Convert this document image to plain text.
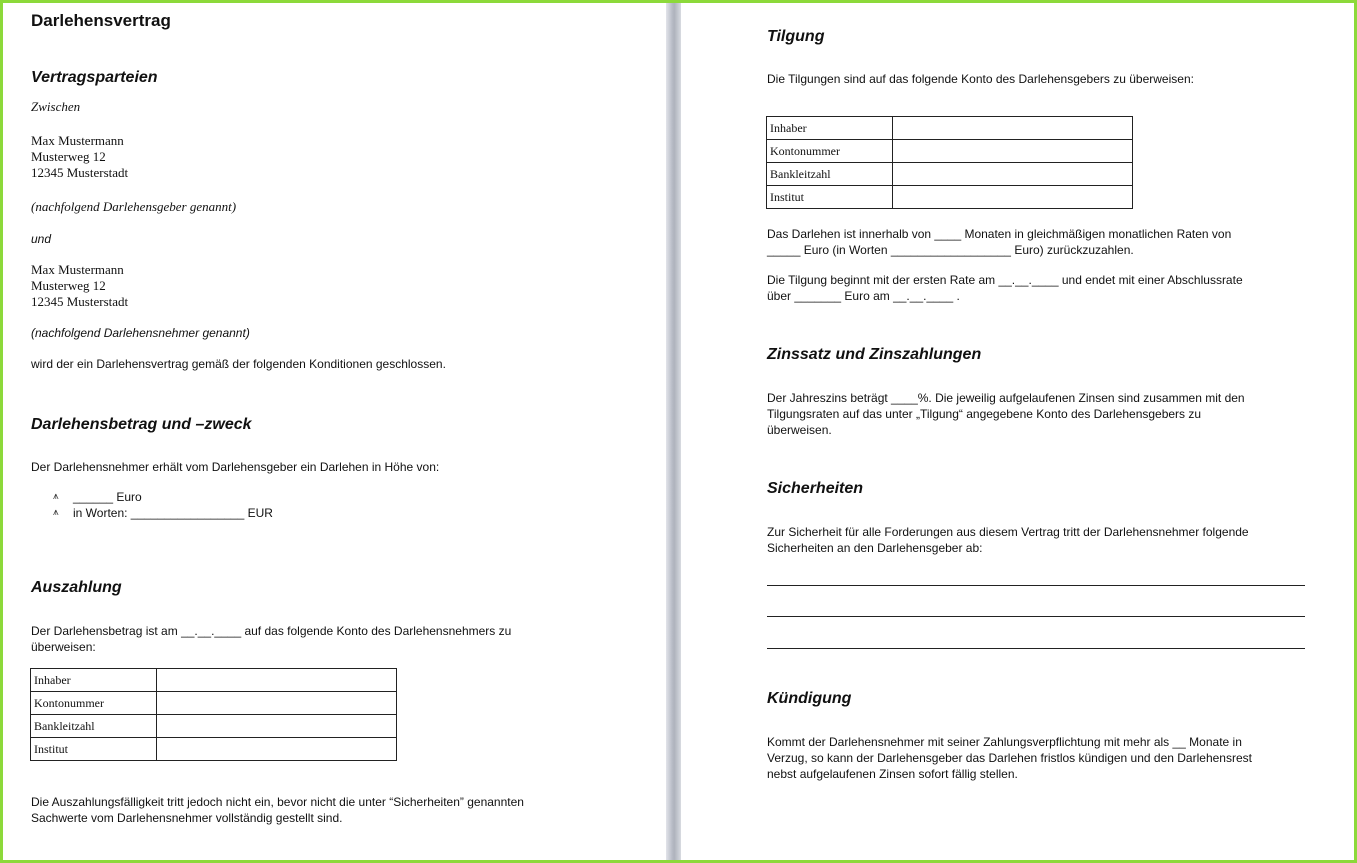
Darlehensvertrag
Vertragsparteien
Zwischen
Max Mustermann
Musterweg 12
12345 Musterstadt
(nachfolgend Darlehensgeber genannt)
und
Max Mustermann
Musterweg 12
12345 Musterstadt
(nachfolgend Darlehensnehmer genannt)
wird der ein Darlehensvertrag gemäß der folgenden Konditionen geschlossen.
Darlehensbetrag und –zweck
Der Darlehensnehmer erhält vom Darlehensgeber ein Darlehen in Höhe von:
⩚ ______ Euro
⩚ in Worten: _________________ EUR
Auszahlung
Der Darlehensbetrag ist am __.__.____ auf das folgende Konto des Darlehensnehmers zu
überweisen:
Inhaber	
Kontonummer	
Bankleitzahl	
Institut	
Die Auszahlungsfälligkeit tritt jedoch nicht ein, bevor nicht die unter “Sicherheiten” genannten
Sachwerte vom Darlehensnehmer vollständig gestellt sind.
Tilgung
Die Tilgungen sind auf das folgende Konto des Darlehensgebers zu überweisen:
Inhaber	
Kontonummer	
Bankleitzahl	
Institut	
Das Darlehen ist innerhalb von ____ Monaten in gleichmäßigen monatlichen Raten von
_____ Euro (in Worten __________________ Euro) zurückzuzahlen.
Die Tilgung beginnt mit der ersten Rate am __.__.____ und endet mit einer Abschlussrate
über _______ Euro am __.__.____ .
Zinssatz und Zinszahlungen
Der Jahreszins beträgt ____%. Die jeweilig aufgelaufenen Zinsen sind zusammen mit den
Tilgungsraten auf das unter „Tilgung“ angegebene Konto des Darlehensgebers zu
überweisen.
Sicherheiten
Zur Sicherheit für alle Forderungen aus diesem Vertrag tritt der Darlehensnehmer folgende
Sicherheiten an den Darlehensgeber ab:
Kündigung
Kommt der Darlehensnehmer mit seiner Zahlungsverpflichtung mit mehr als __ Monate in
Verzug, so kann der Darlehensgeber das Darlehen fristlos kündigen und den Darlehensrest
nebst aufgelaufenen Zinsen sofort fällig stellen.
